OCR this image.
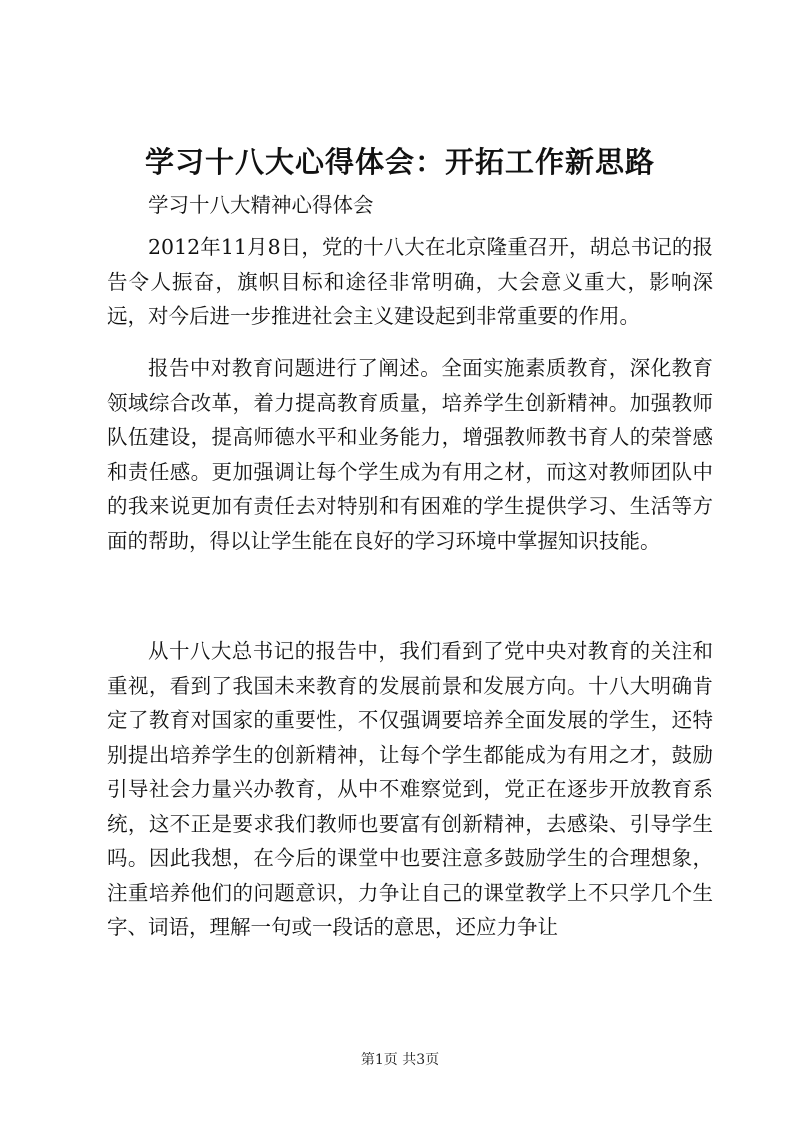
学习十八大心得体会：开拓工作新思路
学习十八大精神心得体会

2012年11月8日，党的十八大在北京隆重召开，胡总书记的报告令人振奋，旗帜目标和途径非常明确，大会意义重大，影响深远，对今后进一步推进社会主义建设起到非常重要的作用。

报告中对教育问题进行了阐述。全面实施素质教育，深化教育领域综合改革，着力提高教育质量，培养学生创新精神。加强教师队伍建设，提高师德水平和业务能力，增强教师教书育人的荣誉感和责任感。更加强调让每个学生成为有用之材，而这对教师团队中的我来说更加有责任去对特别和有困难的学生提供学习、生活等方面的帮助，得以让学生能在良好的学习环境中掌握知识技能。

从十八大总书记的报告中，我们看到了党中央对教育的关注和重视，看到了我国未来教育的发展前景和发展方向。十八大明确肯定了教育对国家的重要性，不仅强调要培养全面发展的学生，还特别提出培养学生的创新精神，让每个学生都能成为有用之才，鼓励引导社会力量兴办教育，从中不难察觉到，党正在逐步开放教育系统，这不正是要求我们教师也要富有创新精神，去感染、引导学生吗。因此我想，在今后的课堂中也要注意多鼓励学生的合理想象，注重培养他们的问题意识，力争让自己的课堂教学上不只学几个生字、词语，理解一句或一段话的意思，还应力争让

第1页 共3页
